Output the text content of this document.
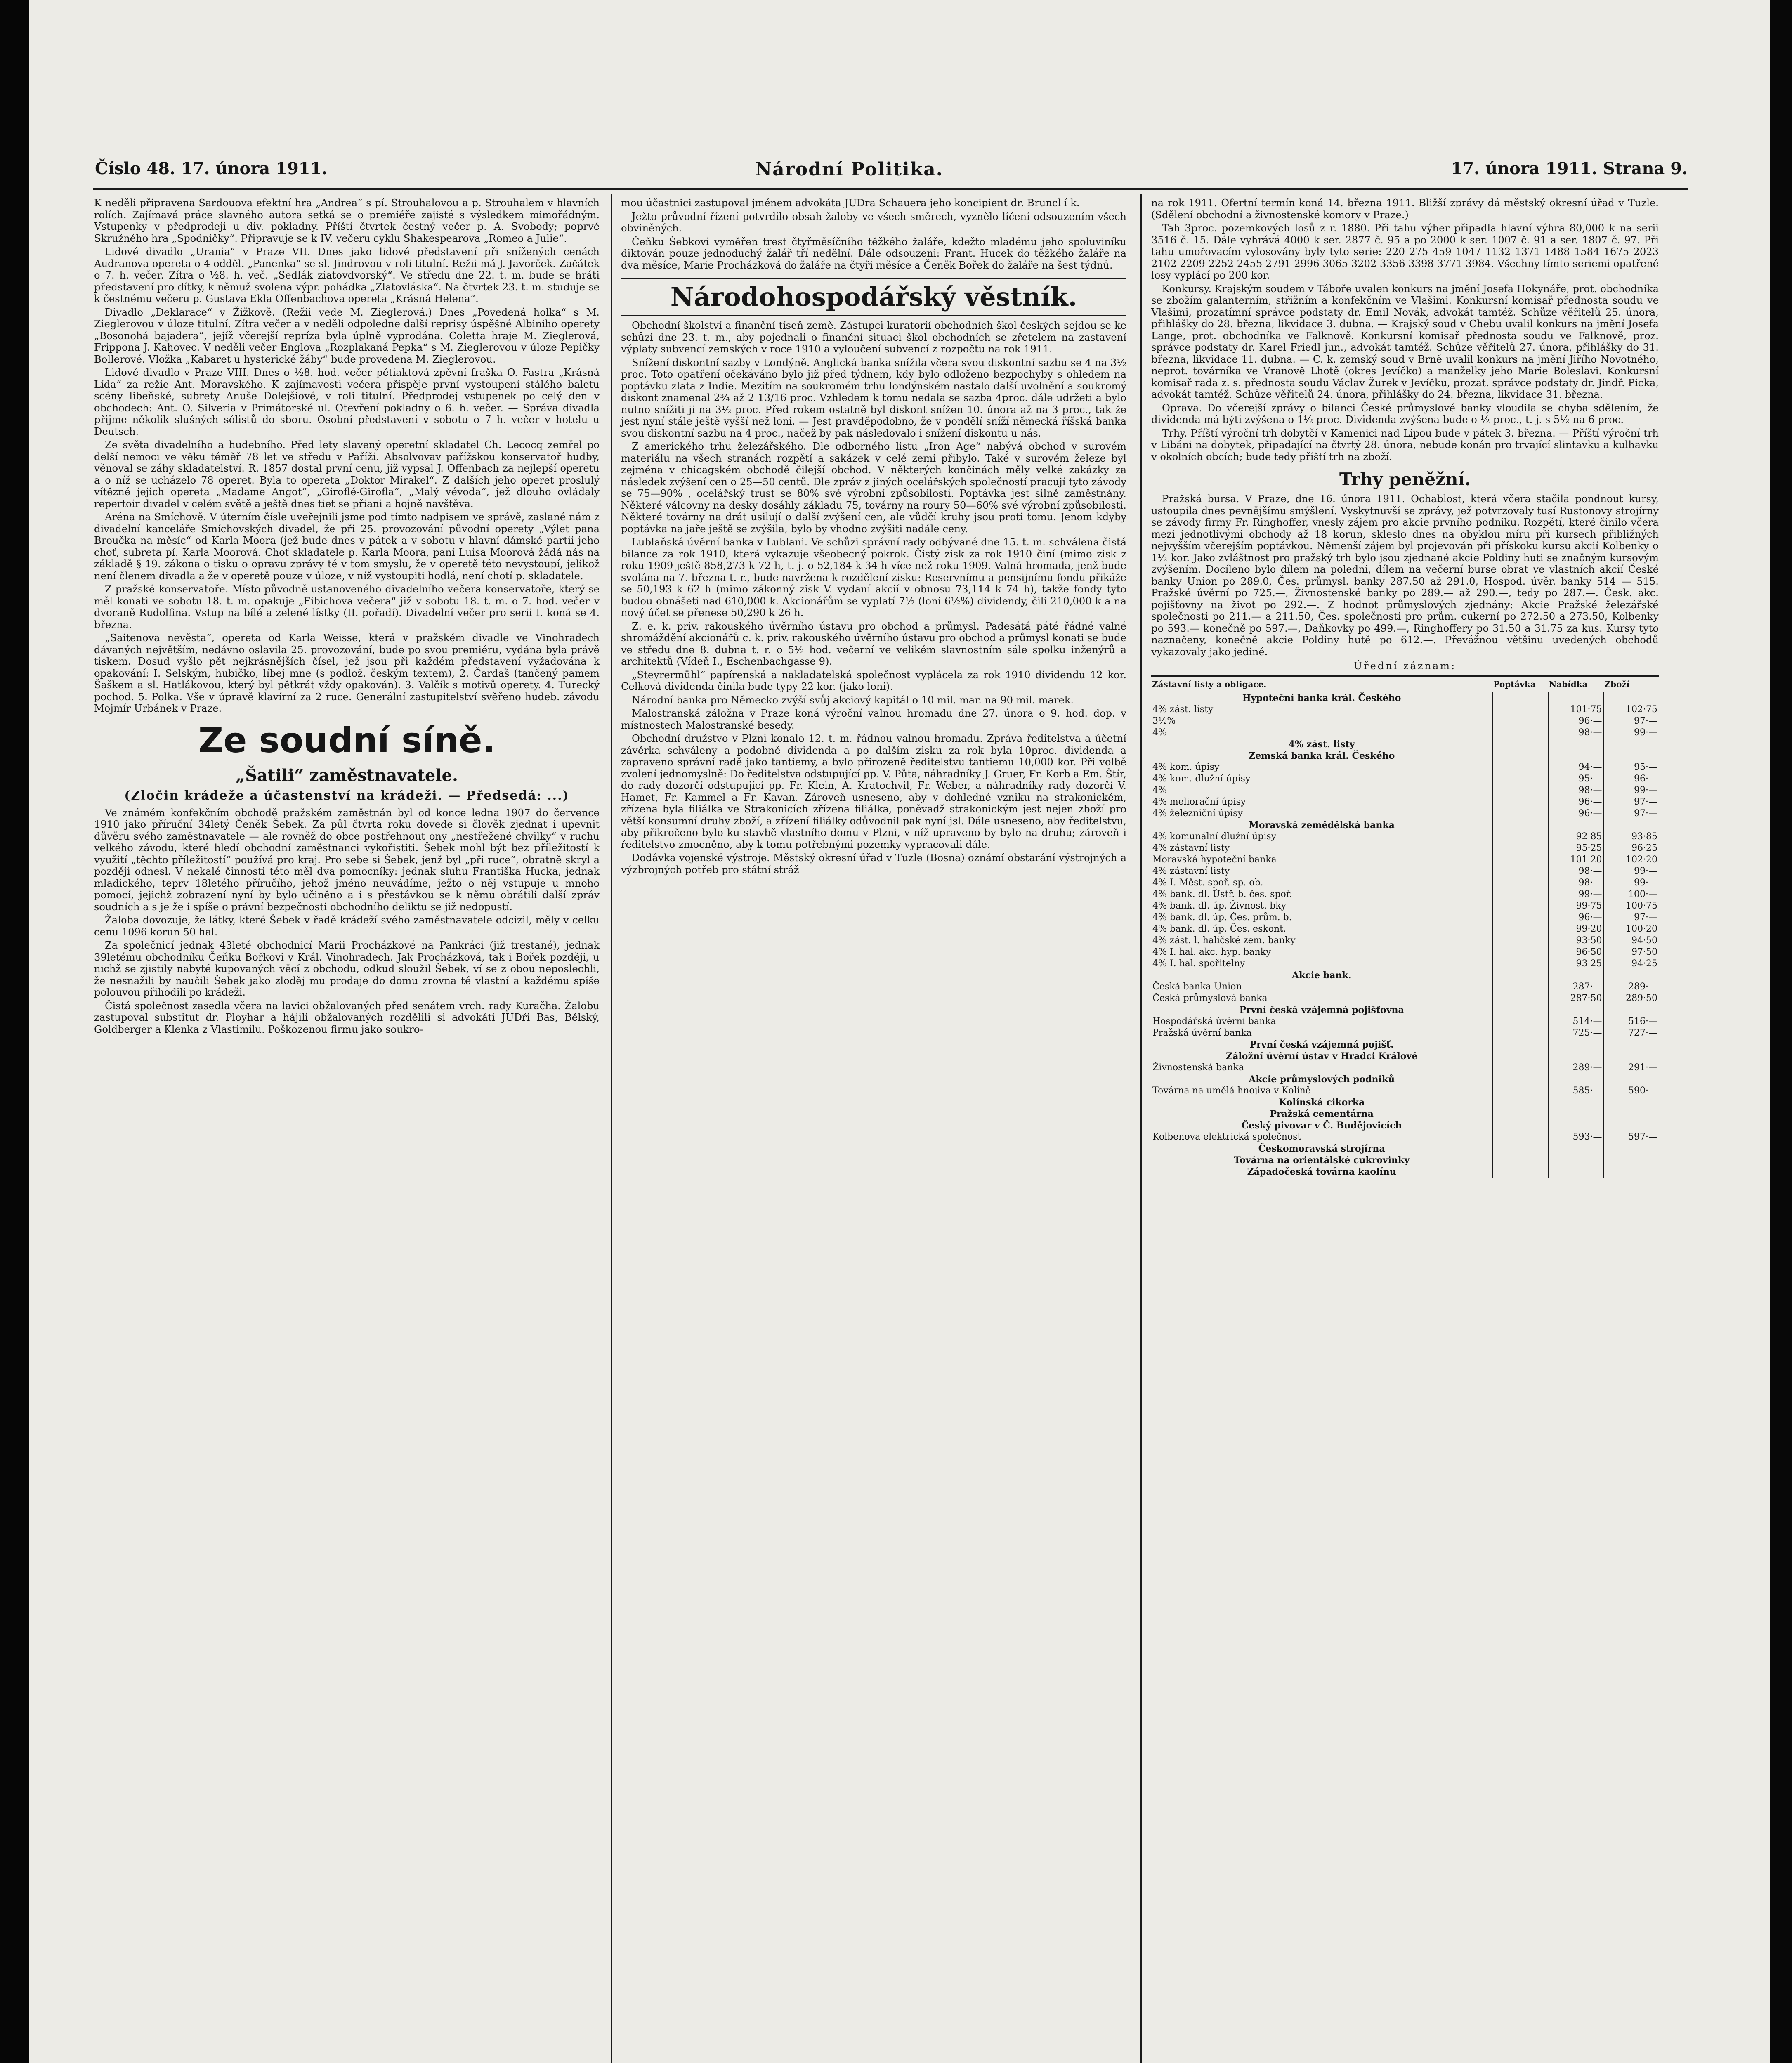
Číslo 48. 17. února 1911.	Národní Politika.	17. února 1911. Strana 9.

K neděli připravena Sardouova efektní hra „Andrea“ s pí. Strouhalovou a p. Strouhalem v hlavních rolích. Zajímavá práce slavného autora setká se o premiéře zajisté s výsledkem mimořádným. Vstupenky v předprodeji u div. pokladny. Příští čtvrtek čestný večer p. A. Svobody; poprvé Skružného hra „Spodničky“. Připravuje se k IV. večeru cyklu Shakespearova „Romeo a Julie“.

Lidové divadlo „Urania“ v Praze VII. Dnes jako lidové představení při snížených cenách Audranova opereta o 4 odděl. „Panenka“ se sl. Jindrovou v roli titulní. Režii má J. Javorček. Začátek o 7. h. večer. Zítra o ½8. h. več. „Sedlák ziatovdvorský“. Ve středu dne 22. t. m. bude se hráti představení pro dítky, k němuž svolena výpr. pohádka „Zlatovláska“. Na čtvrtek 23. t. m. studuje se k čestnému večeru p. Gustava Ekla Offenbachova opereta „Krásná Helena“.

Divadlo „Deklarace“ v Žižkově. (Režii vede M. Zieglerová.) Dnes „Povedená holka“ s M. Zieglerovou v úloze titulní. Zítra večer a v neděli odpoledne další reprisy úspěšné Albiniho operety „Bosonohá bajadera“, jejíž včerejší repríza byla úplně vyprodána. Coletta hraje M. Zieglerová, Frippona J. Kahovec. V neděli večer Englova „Rozplakaná Pepka“ s M. Zieglerovou v úloze Pepičky Bollerové. Vložka „Kabaret u hysterické žáby“ bude provedena M. Zieglerovou.

Lidové divadlo v Praze VIII. Dnes o ½8. hod. večer pětiaktová zpěvní fraška O. Fastra „Krásná Lída“ za režie Ant. Moravského. K zajímavosti večera přispěje první vystoupení stálého baletu scény libeňské, subrety Anuše Dolejšiové, v roli titulní. Předprodej vstupenek po celý den v obchodech: Ant. O. Silveria v Primátorské ul. Otevření pokladny o 6. h. večer. — Správa divadla přijme několik slušných sólistů do sboru. Osobní představení v sobotu o 7 h. večer v hotelu u Deutsch.

Ze světa divadelního a hudebního. Před lety slavený operetní skladatel Ch. Lecocq zemřel po delší nemoci ve věku téměř 78 let ve středu v Paříži. Absolvovav pařížskou konservatoř hudby, věnoval se záhy skladatelství. R. 1857 dostal první cenu, již vypsal J. Offenbach za nejlepší operetu a o níž se ucházelo 78 operet. Byla to opereta „Doktor Mirakel“. Z dalších jeho operet proslulý vítězné jejich opereta „Madame Angot“, „Giroflé-Girofla“, „Malý vévoda“, jež dlouho ovládaly repertoir divadel v celém světě a ještě dnes tiet se přiani a hojně navštěva.

Aréna na Smíchově. V úterním čísle uveřejnili jsme pod tímto nadpisem ve správě, zaslané nám z divadelní kanceláře Smíchovských divadel, že při 25. provozování původní operety „Výlet pana Broučka na měsíc“ od Karla Moora (jež bude dnes v pátek a v sobotu v hlavní dámské partii jeho choť, subreta pí. Karla Moorová. Choť skladatele p. Karla Moora, paní Luisa Moorová žádá nás na základě § 19. zákona o tisku o opravu zprávy té v tom smyslu, že v operetě této nevystoupí, jelikož není členem divadla a že v operetě pouze v úloze, v níž vystoupiti hodlá, není chotí p. skladatele.

Z pražské konservatoře. Místo původně ustanoveného divadelního večera konservatoře, který se měl konati ve sobotu 18. t. m. opakuje „Fibichova večera“ již v sobotu 18. t. m. o 7. hod. večer v dvoraně Rudolfina. Vstup na bílé a zelené lístky (II. pořadí). Divadelní večer pro serii I. koná se 4. března.

„Saitenova nevěsta“, opereta od Karla Weisse, která v pražském divadle ve Vinohradech dávaných největším, nedávno oslavila 25. provozování, bude po svou premiéru, vydána byla právě tiskem. Dosud vyšlo pět nejkrásnějších čísel, jež jsou při každém představení vyžadována k opakování: I. Selským, hubičko, líbej mne (s podlož. českým textem), 2. Čardaš (tančený pamem Šaškem a sl. Hatlákovou, který byl pětkrát vždy opakován). 3. Valčík s motivů operety. 4. Turecký pochod. 5. Polka. Vše v úpravě klavírní za 2 ruce. Generální zastupitelství svěřeno hudeb. závodu Mojmír Urbánek v Praze.

Ze soudní síně.
„Šatili“ zaměstnavatele.
(Zločin krádeže a účastenství na krádeži. — Předsedá: ...)

Ve známém konfekčním obchodě pražském zaměstnán byl od konce ledna 1907 do července 1910 jako příruční 34letý Čeněk Šebek. Za půl čtvrta roku dovede si člověk zjednat i upevnit důvěru svého zaměstnavatele — ale rovněž do obce postřehnout ony „nestřežené chvilky“ v ruchu velkého závodu, které hledí obchodní zaměstnanci vykořistiti. Šebek mohl být bez příležitostí k využití „těchto příležitostí“ používá pro kraj. Pro sebe si Šebek, jenž byl „při ruce“, obratně skryl a později odnesl. V nekalé činnosti této měl dva pomocníky: jednak sluhu Františka Hucka, jednak mladického, teprv 18letého příručího, jehož jméno neuvádíme, ježto o něj vstupuje u mnoho pomocí, jejichž zobrazení nyní by bylo učiněno a i s přestávkou se k němu obrátili další zpráv soudních a s je že i spíše o právní bezpečnosti obchodního deliktu se již nedopustí.

Žaloba dovozuje, že látky, které Šebek v řadě krádeží svého zaměstnavatele odcizil, měly v celku cenu 1096 korun 50 hal.

Za společnicí jednak 43leté obchodnicí Marii Procházkové na Pankráci (již trestané), jednak 39letému obchodníku Čeňku Bořkovi v Král. Vinohradech. Jak Procházková, tak i Bořek později, u nichž se zjistily nabyté kupovaných věcí z obchodu, odkud sloužil Šebek, ví se z obou neposlechli, že nesnažili by naučili Šebek jako zloděj mu prodaje do domu zrovna té vlastní a každému spíše polouvou přihodili po krádeži.

Čistá společnost zasedla včera na lavici obžalovaných před senátem vrch. rady Kuračha. Žalobu zastupoval substitut dr. Ployhar a hájili obžalovaných rozdělili si advokáti JUDři Bas, Bělský, Goldberger a Klenka z Vlastimilu. Poškozenou firmu jako soukro-

mou účastnici zastupoval jménem advokáta JUDra Schauera jeho koncipient dr. Bruncl í k.

Ježto průvodní řízení potvrdilo obsah žaloby ve všech směrech, vyznělo líčení odsouzením všech obviněných.

Čeňku Šebkovi vyměřen trest čtyřměsíčního těžkého žaláře, kdežto mladému jeho spoluviníku diktován pouze jednoduchý žalář tří nedělní. Dále odsouzeni: Frant. Hucek do těžkého žaláře na dva měsíce, Marie Procházková do žaláře na čtyři měsíce a Čeněk Bořek do žaláře na šest týdnů.

Národohospodářský věstník.

Obchodní školství a finanční tíseň země. Zástupci kuratorií obchodních škol českých sejdou se ke schůzi dne 23. t. m., aby pojednali o finanční situaci škol obchodních se zřetelem na zastavení výplaty subvencí zemských v roce 1910 a vyloučení subvencí z rozpočtu na rok 1911.

Snížení diskontní sazby v Londýně. Anglická banka snížila včera svou diskontní sazbu se 4 na 3½ proc. Toto opatření očekáváno bylo již před týdnem, kdy bylo odloženo bezpochyby s ohledem na poptávku zlata z Indie. Mezitím na soukromém trhu londýnském nastalo další uvolnění a soukromý diskont znamenal 2¾ až 2 13/16 proc. Vzhledem k tomu nedala se sazba 4proc. dále udržeti a bylo nutno snížiti ji na 3½ proc. Před rokem ostatně byl diskont snížen 10. února až na 3 proc., tak že jest nyní stále ještě vyšší než loni. — Jest pravděpodobno, že v pondělí sníží německá říšská banka svou diskontní sazbu na 4 proc., načež by pak následovalo i snížení diskontu u nás.

Z amerického trhu železářského. Dle odborného listu „Iron Age“ nabývá obchod v surovém materiálu na všech stranách rozpětí a sakázek v celé zemi přibylo. Také v surovém železe byl zejména v chicagském obchodě čilejší obchod. V některých končinách měly velké zakázky za následek zvýšení cen o 25—50 centů. Dle zpráv z jiných ocelářských společností pracují tyto závody se 75—90% , ocelářský trust se 80% své výrobní způsobilosti. Poptávka jest silně zaměstnány. Některé válcovny na desky dosáhly základu 75, továrny na roury 50—60% své výrobní způsobilosti. Některé továrny na drát usilují o další zvýšení cen, ale vůdčí kruhy jsou proti tomu. Jenom kdyby poptávka na jaře ještě se zvýšila, bylo by vhodno zvýšiti nadále ceny.

Lublaňská úvěrní banka v Lublani. Ve schůzi správní rady odbývané dne 15. t. m. schválena čistá bilance za rok 1910, která vykazuje všeobecný pokrok. Čistý zisk za rok 1910 činí (mimo zisk z roku 1909 ještě 858,273 k 72 h, t. j. o 52,184 k 34 h více než roku 1909. Valná hromada, jenž bude svolána na 7. března t. r., bude navržena k rozdělení zisku: Reservnímu a pensijnímu fondu přikáže se 50,193 k 62 h (mimo zákonný zisk V. vydaní akcií v obnosu 73,114 k 74 h), takže fondy tyto budou obnášeti nad 610,000 k. Akcionářům se vyplatí 7½ (loni 6½%) dividendy, čili 210,000 k a na nový účet se přenese 50,290 k 26 h.

Z. e. k. priv. rakouského úvěrního ústavu pro obchod a průmysl. Padesátá páté řádné valné shromáždění akcionářů c. k. priv. rakouského úvěrního ústavu pro obchod a průmysl konati se bude ve středu dne 8. dubna t. r. o 5½ hod. večerní ve velikém slavnostním sále spolku inženýrů a architektů (Vídeň I., Eschenbachgasse 9).

„Steyrermühl“ papírenská a nakladatelská společnost vyplácela za rok 1910 dividendu 12 kor. Celková dividenda činila bude typy 22 kor. (jako loni).

Národní banka pro Německo zvýší svůj akciový kapitál o 10 mil. mar. na 90 mil. marek.

Malostranská záložna v Praze koná výroční valnou hromadu dne 27. února o 9. hod. dop. v místnostech Malostranské besedy.

Obchodní družstvo v Plzni konalo 12. t. m. řádnou valnou hromadu. Zpráva ředitelstva a účetní závěrka schváleny a podobně dividenda a po dalším zisku za rok byla 10proc. dividenda a zapraveno správní radě jako tantiemy, a bylo přirozeně ředitelstvu tantiemu 10,000 kor. Při volbě zvolení jednomyslně: Do ředitelstva odstupující pp. V. Půta, náhradníky J. Gruer, Fr. Korb a Em. Štír, do rady dozorčí odstupující pp. Fr. Klein, A. Kratochvil, Fr. Weber, a náhradníky rady dozorčí V. Hamet, Fr. Kammel a Fr. Kavan. Zároveň usneseno, aby v dohledné vzniku na strakonickém, zřízena byla filiálka ve Strakonicích zřízena filiálka, poněvadž strakonickým jest nejen zboží pro větší konsumní druhy zboží, a zřízení filiálky odůvodnil pak nyní jsl. Dále usneseno, aby ředitelstvu, aby přikročeno bylo ku stavbě vlastního domu v Plzni, v níž upraveno by bylo na druhu; zároveň i ředitelstvo zmocněno, aby k tomu potřebnými pozemky vypracovali dále.

Dodávka vojenské výstroje. Městský okresní úřad v Tuzle (Bosna) oznámí obstarání výstrojných a výzbrojných potřeb pro státní stráž

na rok 1911. Ofertní termín koná 14. března 1911. Bližší zprávy dá městský okresní úřad v Tuzle. (Sdělení obchodní a živnostenské komory v Praze.)

Tah 3proc. pozemkových losů z r. 1880. Při tahu výher připadla hlavní výhra 80,000 k na serii 3516 č. 15. Dále vyhrává 4000 k ser. 2877 č. 95 a po 2000 k ser. 1007 č. 91 a ser. 1807 č. 97. Při tahu umořovacím vylosovány byly tyto serie: 220 275 459 1047 1132 1371 1488 1584 1675 2023 2102 2209 2252 2455 2791 2996 3065 3202 3356 3398 3771 3984. Všechny tímto seriemi opatřené losy vyplácí po 200 kor.

Konkursy. Krajským soudem v Táboře uvalen konkurs na jmění Josefa Hokynáře, prot. obchodníka se zbožím galanterním, střižním a konfekčním ve Vlašimi. Konkursní komisař přednosta soudu ve Vlašimi, prozatímní správce podstaty dr. Emil Novák, advokát tamtéž. Schůze věřitelů 25. února, přihlášky do 28. března, likvidace 3. dubna. — Krajský soud v Chebu uvalil konkurs na jmění Josefa Lange, prot. obchodníka ve Falknově. Konkursní komisař přednosta soudu ve Falknově, proz. správce podstaty dr. Karel Friedl jun., advokát tamtéž. Schůze věřitelů 27. února, přihlášky do 31. března, likvidace 11. dubna. — C. k. zemský soud v Brně uvalil konkurs na jmění Jiřího Novotného, neprot. továrníka ve Vranově Lhotě (okres Jevíčko) a manželky jeho Marie Boleslavi. Konkursní komisař rada z. s. přednosta soudu Václav Žurek v Jevíčku, prozat. správce podstaty dr. Jindř. Picka, advokát tamtéž. Schůze věřitelů 24. února, přihlášky do 24. března, likvidace 31. března.

Oprava. Do včerejší zprávy o bilanci České průmyslové banky vloudila se chyba sdělením, že dividenda má býti zvýšena o 1½ proc. Dividenda zvýšena bude o ½ proc., t. j. s 5½ na 6 proc.

Trhy. Příští výroční trh dobytčí v Kamenici nad Lipou bude v pátek 3. března. — Příští výroční trh v Libáni na dobytek, připadající na čtvrtý 28. února, nebude konán pro trvající slintavku a kulhavku v okolních obcích; bude tedy příští trh na zboží.

Trhy peněžní.

Pražská bursa. V Praze, dne 16. února 1911. Ochablost, která včera stačila pondnout kursy, ustoupila dnes pevnějšímu smýšlení. Vyskytnuvší se zprávy, jež potvrzovaly tusí Rustonovy strojírny se závody firmy Fr. Ringhoffer, vnesly zájem pro akcie prvního podniku. Rozpětí, které činilo včera mezi jednotlivými obchody až 18 korun, skleslo dnes na obyklou míru při kursech přibližných nejvyšším včerejším poptávkou. Němenší zájem byl projevován při přískoku kursu akcií Kolbenky o 1½ kor. Jako zvláštnost pro pražský trh bylo jsou zjednané akcie Poldiny huti se značným kursovým zvýšením. Docíleno bylo dílem na poledni, dílem na večerní burse obrat ve vlastních akcií České banky Union po 289.0, Čes. průmysl. banky 287.50 až 291.0, Hospod. úvěr. banky 514 — 515. Pražské úvěrní po 725.—, Živnostenské banky po 289.— až 290.—, tedy po 287.—. Česk. akc. pojišťovny na život po 292.—. Z hodnot průmyslových zjednány: Akcie Pražské železářské společnosti po 211.— a 211.50, Čes. společnosti pro prům. cukerní po 272.50 a 273.50, Kolbenky po 593.— konečně po 597.—, Daňkovky po 499.—, Ringhoffery po 31.50 a 31.75 za kus. Kursy tyto naznačeny, konečně akcie Poldiny hutě po 612.—. Převážnou většinu uvedených obchodů vykazovaly jako jediné.

Úřední záznam:
Zástavní listy a obligace.	Poptávka	Nabídka	Zboží
Hypoteční banka král. Českého			
4% zást. listy		101·75	102·75
3½%		96·—	97·—
4%		98·—	99·—
4% zást. listy			
Zemská banka král. Českého			
4% kom. úpisy		94·—	95·—
4% kom. dlužní úpisy		95·—	96·—
4%		98·—	99·—
4% meliorační úpisy		96·—	97·—
4% železniční úpisy		96·—	97·—
Moravská zemědělská banka			
4% komunální dlužní úpisy		92·85	93·85
4% zástavní listy		95·25	96·25
Moravská hypoteční banka		101·20	102·20
4% zástavní listy		98·—	99·—
4% I. Měst. spoř. sp. ob.		98·—	99·—
4% bank. dl. Ústř. b. čes. spoř.		99·—	100·—
4% bank. dl. úp. Živnost. bky		99·75	100·75
4% bank. dl. úp. Čes. prům. b.		96·—	97·—
4% bank. dl. úp. Čes. eskont.		99·20	100·20
4% zást. l. haličské zem. banky		93·50	94·50
4% I. hal. akc. hyp. banky		96·50	97·50
4% I. hal. spořitelny		93·25	94·25
Akcie bank.			
Česká banka Union		287·—	289·—
Česká průmyslová banka		287·50	289·50
První česká vzájemná pojišťovna			
Hospodářská úvěrní banka		514·—	516·—
Pražská úvěrní banka		725·—	727·—
První česká vzájemná pojišť.			
Záložní úvěrní ústav v Hradci Králové			
Živnostenská banka		289·—	291·—
Akcie průmyslových podniků			
Továrna na umělá hnojiva v Kolíně		585·—	590·—
Kolínská cikorka			
Pražská cementárna			
Český pivovar v Č. Budějovicích			
Kolbenova elektrická společnost		593·—	597·—
Českomoravská strojírna			
Továrna na orientálské cukrovinky			
Západočeská továrna kaolínu			
